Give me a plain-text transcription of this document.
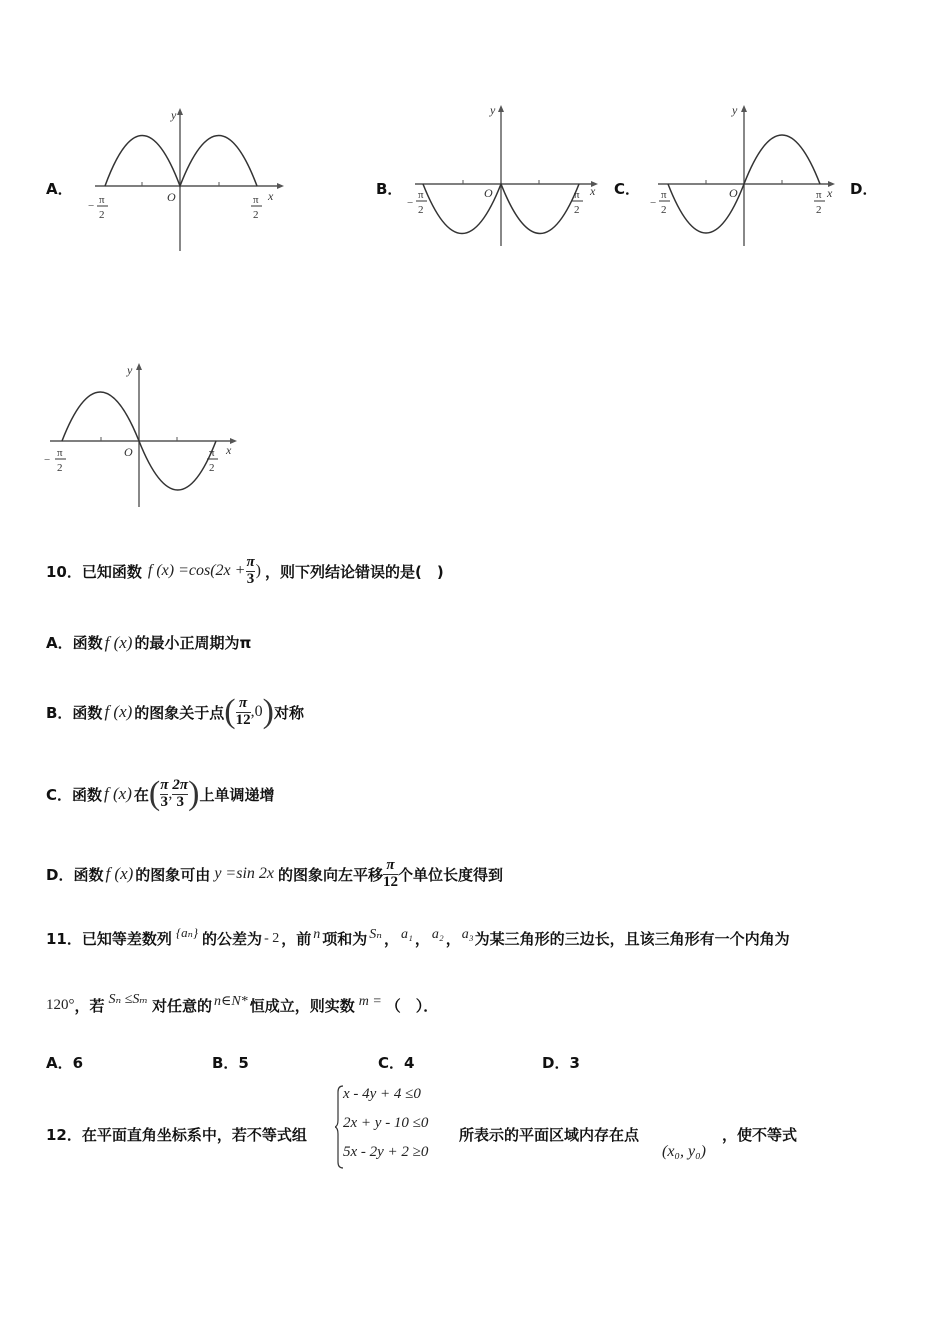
A．
y
x
O
− π
2
π
2
B．
y
x
O
−
π
2
π
2
C．
y
x
O
−
π
2
π
2
D．
y
x
O
−
π
2
π
2
10．已知函数 f $(x) =\cos(2x + \frac{\pi}{3}$ ) ，则下列结论错误的是(　)
A．函数 f (x) 的最小正周期为π
B．函数 f (x) 的图象关于点 ( $\frac{\pi}{12} ,0$ ) 对称
C．函数 f (x) 在 ( $\frac{\pi}{3}$ , $\frac{2\pi}{3}$ ) 上单调递增
D．函数 f (x) 的图象可由 y =sin 2x 的图象向左平移 $\frac{\pi}{12}$ 个单位长度得到
11．已知等差数列 {aₙ} 的公差为 - 2 ，前 n 项和为 Sₙ ， a₁ ， a₂ ， a₃ 为某三角形的三边长，且该三角形有一个内角为
120° ，若 Sₙ ≤Sₘ 对任意的 n∈N* 恒成立，则实数 m = （　）．
A．6	B．5	C．4	D．3
12．在平面直角坐标系中，若不等式组
x - 4y + 4 ≤0
2x + y - 10 ≤0
5x - 2y + 2 ≥0
所表示的平面区域内存在点
(x₀, y₀)
，使不等式
